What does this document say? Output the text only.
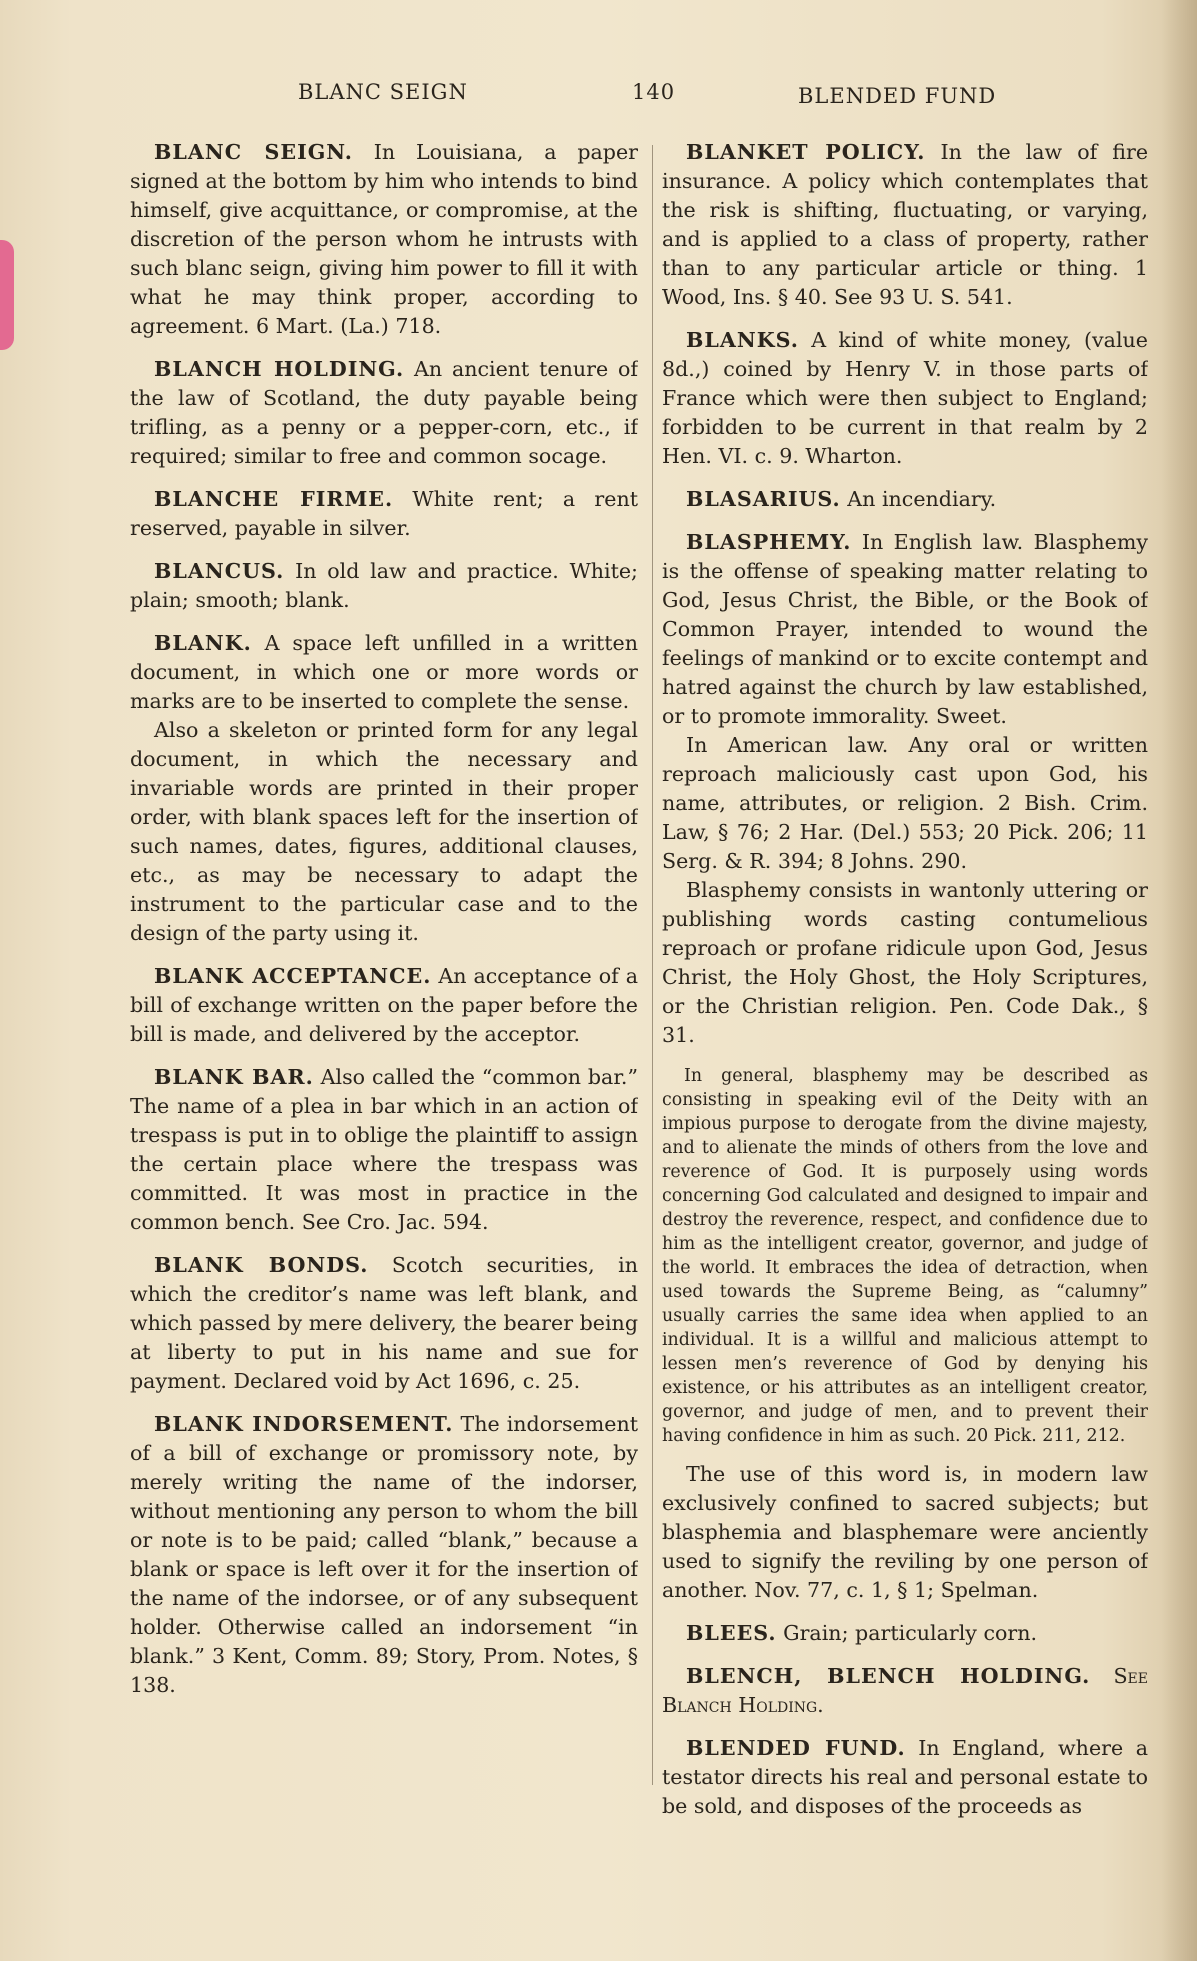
BLANC SEIGN	140	BLENDED FUND

BLANC SEIGN. In Louisiana, a paper signed at the bottom by him who intends to bind himself, give acquittance, or compromise, at the discretion of the person whom he intrusts with such blanc seign, giving him power to fill it with what he may think proper, according to agreement. 6 Mart. (La.) 718.

BLANCH HOLDING. An ancient tenure of the law of Scotland, the duty payable being trifling, as a penny or a pepper-corn, etc., if required; similar to free and common socage.

BLANCHE FIRME. White rent; a rent reserved, payable in silver.

BLANCUS. In old law and practice. White; plain; smooth; blank.

BLANK. A space left unfilled in a written document, in which one or more words or marks are to be inserted to complete the sense.

Also a skeleton or printed form for any legal document, in which the necessary and invariable words are printed in their proper order, with blank spaces left for the insertion of such names, dates, figures, additional clauses, etc., as may be necessary to adapt the instrument to the particular case and to the design of the party using it.

BLANK ACCEPTANCE. An acceptance of a bill of exchange written on the paper before the bill is made, and delivered by the acceptor.

BLANK BAR. Also called the “common bar.” The name of a plea in bar which in an action of trespass is put in to oblige the plaintiff to assign the certain place where the trespass was committed. It was most in practice in the common bench. See Cro. Jac. 594.

BLANK BONDS. Scotch securities, in which the creditor’s name was left blank, and which passed by mere delivery, the bearer being at liberty to put in his name and sue for payment. Declared void by Act 1696, c. 25.

BLANK INDORSEMENT. The indorsement of a bill of exchange or promissory note, by merely writing the name of the indorser, without mentioning any person to whom the bill or note is to be paid; called “blank,” because a blank or space is left over it for the insertion of the name of the indorsee, or of any subsequent holder. Otherwise called an indorsement “in blank.” 3 Kent, Comm. 89; Story, Prom. Notes, § 138.

BLANKET POLICY. In the law of fire insurance. A policy which contemplates that the risk is shifting, fluctuating, or varying, and is applied to a class of property, rather than to any particular article or thing. 1 Wood, Ins. § 40. See 93 U. S. 541.

BLANKS. A kind of white money, (value 8d.,) coined by Henry V. in those parts of France which were then subject to England; forbidden to be current in that realm by 2 Hen. VI. c. 9. Wharton.

BLASARIUS. An incendiary.

BLASPHEMY. In English law. Blasphemy is the offense of speaking matter relating to God, Jesus Christ, the Bible, or the Book of Common Prayer, intended to wound the feelings of mankind or to excite contempt and hatred against the church by law established, or to promote immorality. Sweet.

In American law. Any oral or written reproach maliciously cast upon God, his name, attributes, or religion. 2 Bish. Crim. Law, § 76; 2 Har. (Del.) 553; 20 Pick. 206; 11 Serg. & R. 394; 8 Johns. 290.

Blasphemy consists in wantonly uttering or publishing words casting contumelious reproach or profane ridicule upon God, Jesus Christ, the Holy Ghost, the Holy Scriptures, or the Christian religion. Pen. Code Dak., § 31.

In general, blasphemy may be described as consisting in speaking evil of the Deity with an impious purpose to derogate from the divine majesty, and to alienate the minds of others from the love and reverence of God. It is purposely using words concerning God calculated and designed to impair and destroy the reverence, respect, and confidence due to him as the intelligent creator, governor, and judge of the world. It embraces the idea of detraction, when used towards the Supreme Being, as “calumny” usually carries the same idea when applied to an individual. It is a willful and malicious attempt to lessen men’s reverence of God by denying his existence, or his attributes as an intelligent creator, governor, and judge of men, and to prevent their having confidence in him as such. 20 Pick. 211, 212.

The use of this word is, in modern law exclusively confined to sacred subjects; but blasphemia and blasphemare were anciently used to signify the reviling by one person of another. Nov. 77, c. 1, § 1; Spelman.

BLEES. Grain; particularly corn.

BLENCH, BLENCH HOLDING. See Blanch Holding.

BLENDED FUND. In England, where a testator directs his real and personal estate to be sold, and disposes of the proceeds as
